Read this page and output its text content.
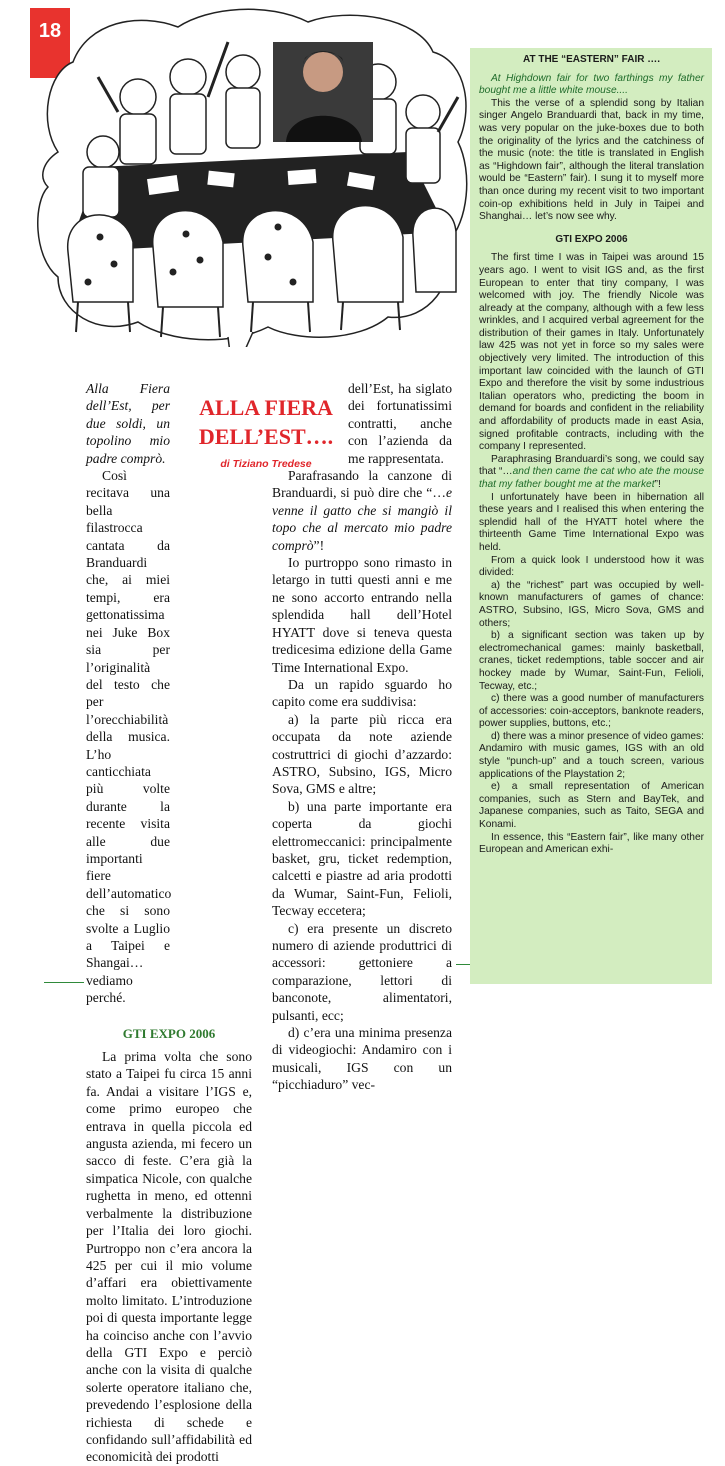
18
ALLA FIERA
DELL’EST….
di Tiziano Tredese

Alla Fiera dell’Est, per due soldi, un topolino mio padre comprò.

Così recitava una bella filastrocca cantata da Branduardi che, ai miei tempi, era gettonatissima nei Juke Box sia per l’originalità del testo che per l’orecchiabilità della musica. L’ho canticchiata più volte durante la recente visita alle due importanti fiere dell’automatico che si sono svolte a Luglio a Taipei e Shangai… vediamo perché.

GTI EXPO 2006

La prima volta che sono stato a Taipei fu circa 15 anni fa. Andai a visitare l’IGS e, come primo europeo che entrava in quella piccola ed angusta azienda, mi fecero un sacco di feste. C’era già la simpatica Nicole, con qualche rughetta in meno, ed ottenni verbalmente la distribuzione per l’Italia dei loro giochi. Purtroppo non c’era ancora la 425 per cui il mio volume d’affari era obiettivamente molto limitato. L’introduzione poi di questa importante legge ha coinciso anche con l’avvio della GTI Expo e perciò anche con la visita di qualche solerte operatore italiano che, prevedendo l’esplosione della richiesta di schede e confidando sull’affidabilità ed economicità dei prodotti

dell’Est, ha siglato dei fortunatissimi contratti, anche con l’azienda da me rappresentata.

Parafrasando la canzone di Branduardi, si può dire che “…e venne il gatto che si mangiò il topo che al mercato mio padre comprò”!

Io purtroppo sono rimasto in letargo in tutti questi anni e me ne sono accorto entrando nella splendida hall dell’Hotel HYATT dove si teneva questa tredicesima edizione della Game Time International Expo.

Da un rapido sguardo ho capito come era suddivisa:

a) la parte più ricca era occupata da note aziende costruttrici di giochi d’azzardo: ASTRO, Subsino, IGS, Micro Sova, GMS e altre;

b) una parte importante era coperta da giochi elettromeccanici: principalmente basket, gru, ticket redemption, calcetti e piastre ad aria prodotti da Wumar, Saint-Fun, Felioli, Tecway eccetera;

c) era presente un discreto numero di aziende produttrici di accessori: gettoniere a comparazione, lettori di banconote, alimentatori, pulsanti, ecc;

d) c’era una minima presenza di videogiochi: Andamiro con i musicali, IGS con un “picchiaduro” vec-

AT THE “EASTERN” FAIR ….

At Highdown fair for two farthings my father bought me a little white mouse....

This the verse of a splendid song by Italian singer Angelo Branduardi that, back in my time, was very popular on the juke-boxes due to both the originality of the lyrics and the catchiness of the music (note: the title is translated in English as “Highdown fair”, although the literal translation would be “Eastern” fair). I sung it to myself more than once during my recent visit to two important coin-op exhibitions held in July in Taipei and Shanghai… let’s now see why.

GTI EXPO 2006

The first time I was in Taipei was around 15 years ago. I went to visit IGS and, as the first European to enter that tiny company, I was welcomed with joy. The friendly Nicole was already at the company, although with a few less wrinkles, and I acquired verbal agreement for the distribution of their games in Italy. Unfortunately law 425 was not yet in force so my sales were objectively very limited. The introduction of this important law coincided with the launch of GTI Expo and therefore the visit by some industrious Italian operators who, predicting the boom in demand for boards and confident in the reliability and affordability of products made in east Asia, signed profitable contracts, including with the company I represented.

Paraphrasing Branduardi’s song, we could say that “…and then came the cat who ate the mouse that my father bought me at the market”!

I unfortunately have been in hibernation all these years and I realised this when entering the splendid hall of the HYATT hotel where the thirteenth Game Time International Expo was held.

From a quick look I understood how it was divided:

a) the “richest” part was occupied by well-known manufacturers of games of chance: ASTRO, Subsino, IGS, Micro Sova, GMS and others;

b) a significant section was taken up by electromechanical games: mainly basketball, cranes, ticket redemptions, table soccer and air hockey made by Wumar, Saint-Fun, Felioli, Tecway, etc.;

c) there was a good number of manufacturers of accessories: coin-acceptors, banknote readers, power supplies, buttons, etc.;

d) there was a minor presence of video games: Andamiro with music games, IGS with an old style “punch-up” and a touch screen, various applications of the Playstation 2;

e) a small representation of American companies, such as Stern and BayTek, and Japanese companies, such as Taito, SEGA and Konami.

In essence, this “Eastern fair”, like many other European and American exhi-
